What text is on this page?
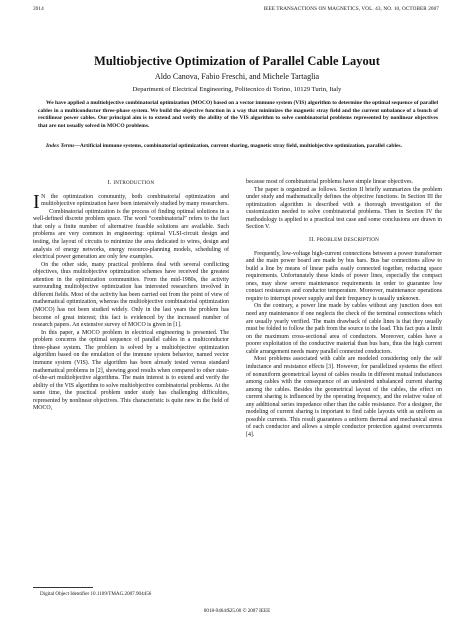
3914	IEEE TRANSACTIONS ON MAGNETICS, VOL. 43, NO. 10, OCTOBER 2007
Multiobjective Optimization of Parallel Cable Layout
Aldo Canova, Fabio Freschi, and Michele Tartaglia
Department of Electrical Engineering, Politecnico di Torino, 10129 Turin, Italy
We have applied a multiobjective combinatorial optimization (MOCO) based on a vector immune system (VIS) algorithm to determine the optimal sequence of parallel cables in a multiconductor three-phase system. We build the objective function in a way that minimizes the magnetic stray field and the current unbalance of a bunch of rectilinear power cables. Our principal aim is to extend and verify the ability of the VIS algorithm to solve combinatorial problems represented by nonlinear objectives that are not usually solved in MOCO problems.
Index Terms—Artificial immune systems, combinatorial optimization, current sharing, magnetic stray field, multiobjective optimization, parallel cables.
I. INTRODUCTION

I N the optimization community, both combinatorial optimization and multiobjective optimization have been intensively studied by many researchers.

Combinatorial optimization is the process of finding optimal solutions in a well-defined discrete problem space. The word “combinatorial” refers to the fact that only a finite number of alternative feasible solutions are available. Such problems are very common in engineering: optimal VLSI-circuit design and testing, the layout of circuits to minimize the area dedicated to wires, design and analysis of energy networks, energy resource-planning models, scheduling of electrical power generation are only few examples.

On the other side, many practical problems deal with several conflicting objectives, thus multiobjective optimization schemes have received the greatest attention in the optimization communities. From the mid-1980s, the activity surrounding multiobjective optimization has interested researchers involved in different fields. Most of the activity has been carried out from the point of view of mathematical optimization, whereas the multiobjective combinatorial optimization (MOCO) has not been studied widely. Only in the last years the problem has become of great interest; this fact is evidenced by the increased number of research papers. An extensive survey of MOCO is given in [1].

In this paper, a MOCO problem in electrical engineering is presented. The problem concerns the optimal sequence of parallel cables in a multiconductor three-phase system. The problem is solved by a multiobjective optimization algorithm based on the emulation of the immune system behavior, named vector immune system (VIS). The algorithm has been already tested versus standard mathematical problems in [2], showing good results when compared to other state-of-the-art multiobjective algorithms. The main interest is to extend and verify the ability of the VIS algorithm to solve multiobjective combinatorial problems. At the same time, the practical problem under study has challenging difficulties, represented by nonlinear objectives. This characteristic is quite new in the field of MOCO,

because most of combinatorial problems have simple linear objectives.

The paper is organized as follows. Section II briefly summarizes the problem under study and mathematically defines the objective functions. In Section III the optimization algorithm is described with a thorough investigation of the customization needed to solve combinatorial problems. Then in Section IV the methodology is applied to a practical test case and some conclusions are drawn in Section V.

II. PROBLEM DESCRIPTION

Frequently, low-voltage high-current connections between a power transformer and the main power board are made by bus bars. Bus bar connections allow to build a line by means of linear paths easily connected together, reducing space requirements. Unfortunately these kinds of power lines, especially the compact ones, may show severe maintenance requirements in order to guarantee low contact resistances and conductor temperature. Moreover, maintenance operations require to interrupt power supply and their frequency is usually unknown.

On the contrary, a power line made by cables without any junction does not need any maintenance if one neglects the check of the terminal connections which are usually yearly verified. The main drawback of cable lines is that they usually must be folded to follow the path from the source to the load. This fact puts a limit on the maximum cross-sectional area of conductors. Moreover, cables have a poorer exploitation of the conductive material than bus bars, thus the high current cable arrangement needs many parallel connected conductors.

Most problems associated with cable are modeled considering only the self inductance and resistance effects [3]. However, for parallelized systems the effect of nonuniform geometrical layout of cables results in different mutual inductances among cables with the consequence of an undesired unbalanced current sharing among the cables. Besides the geometrical layout of the cables, the effect on current sharing is influenced by the operating frequency, and the relative value of any additional series impedance other than the cable resistance. For a designer, the modeling of current sharing is important to find cable layouts with as uniform as possible currents. This result guarantees a uniform thermal and mechanical stress of each conductor and allows a simple conductor protection against overcurrents [4].

Digital Object Identifier 10.1109/TMAG.2007.904456
0018-9464/$25.00 © 2007 IEEE
